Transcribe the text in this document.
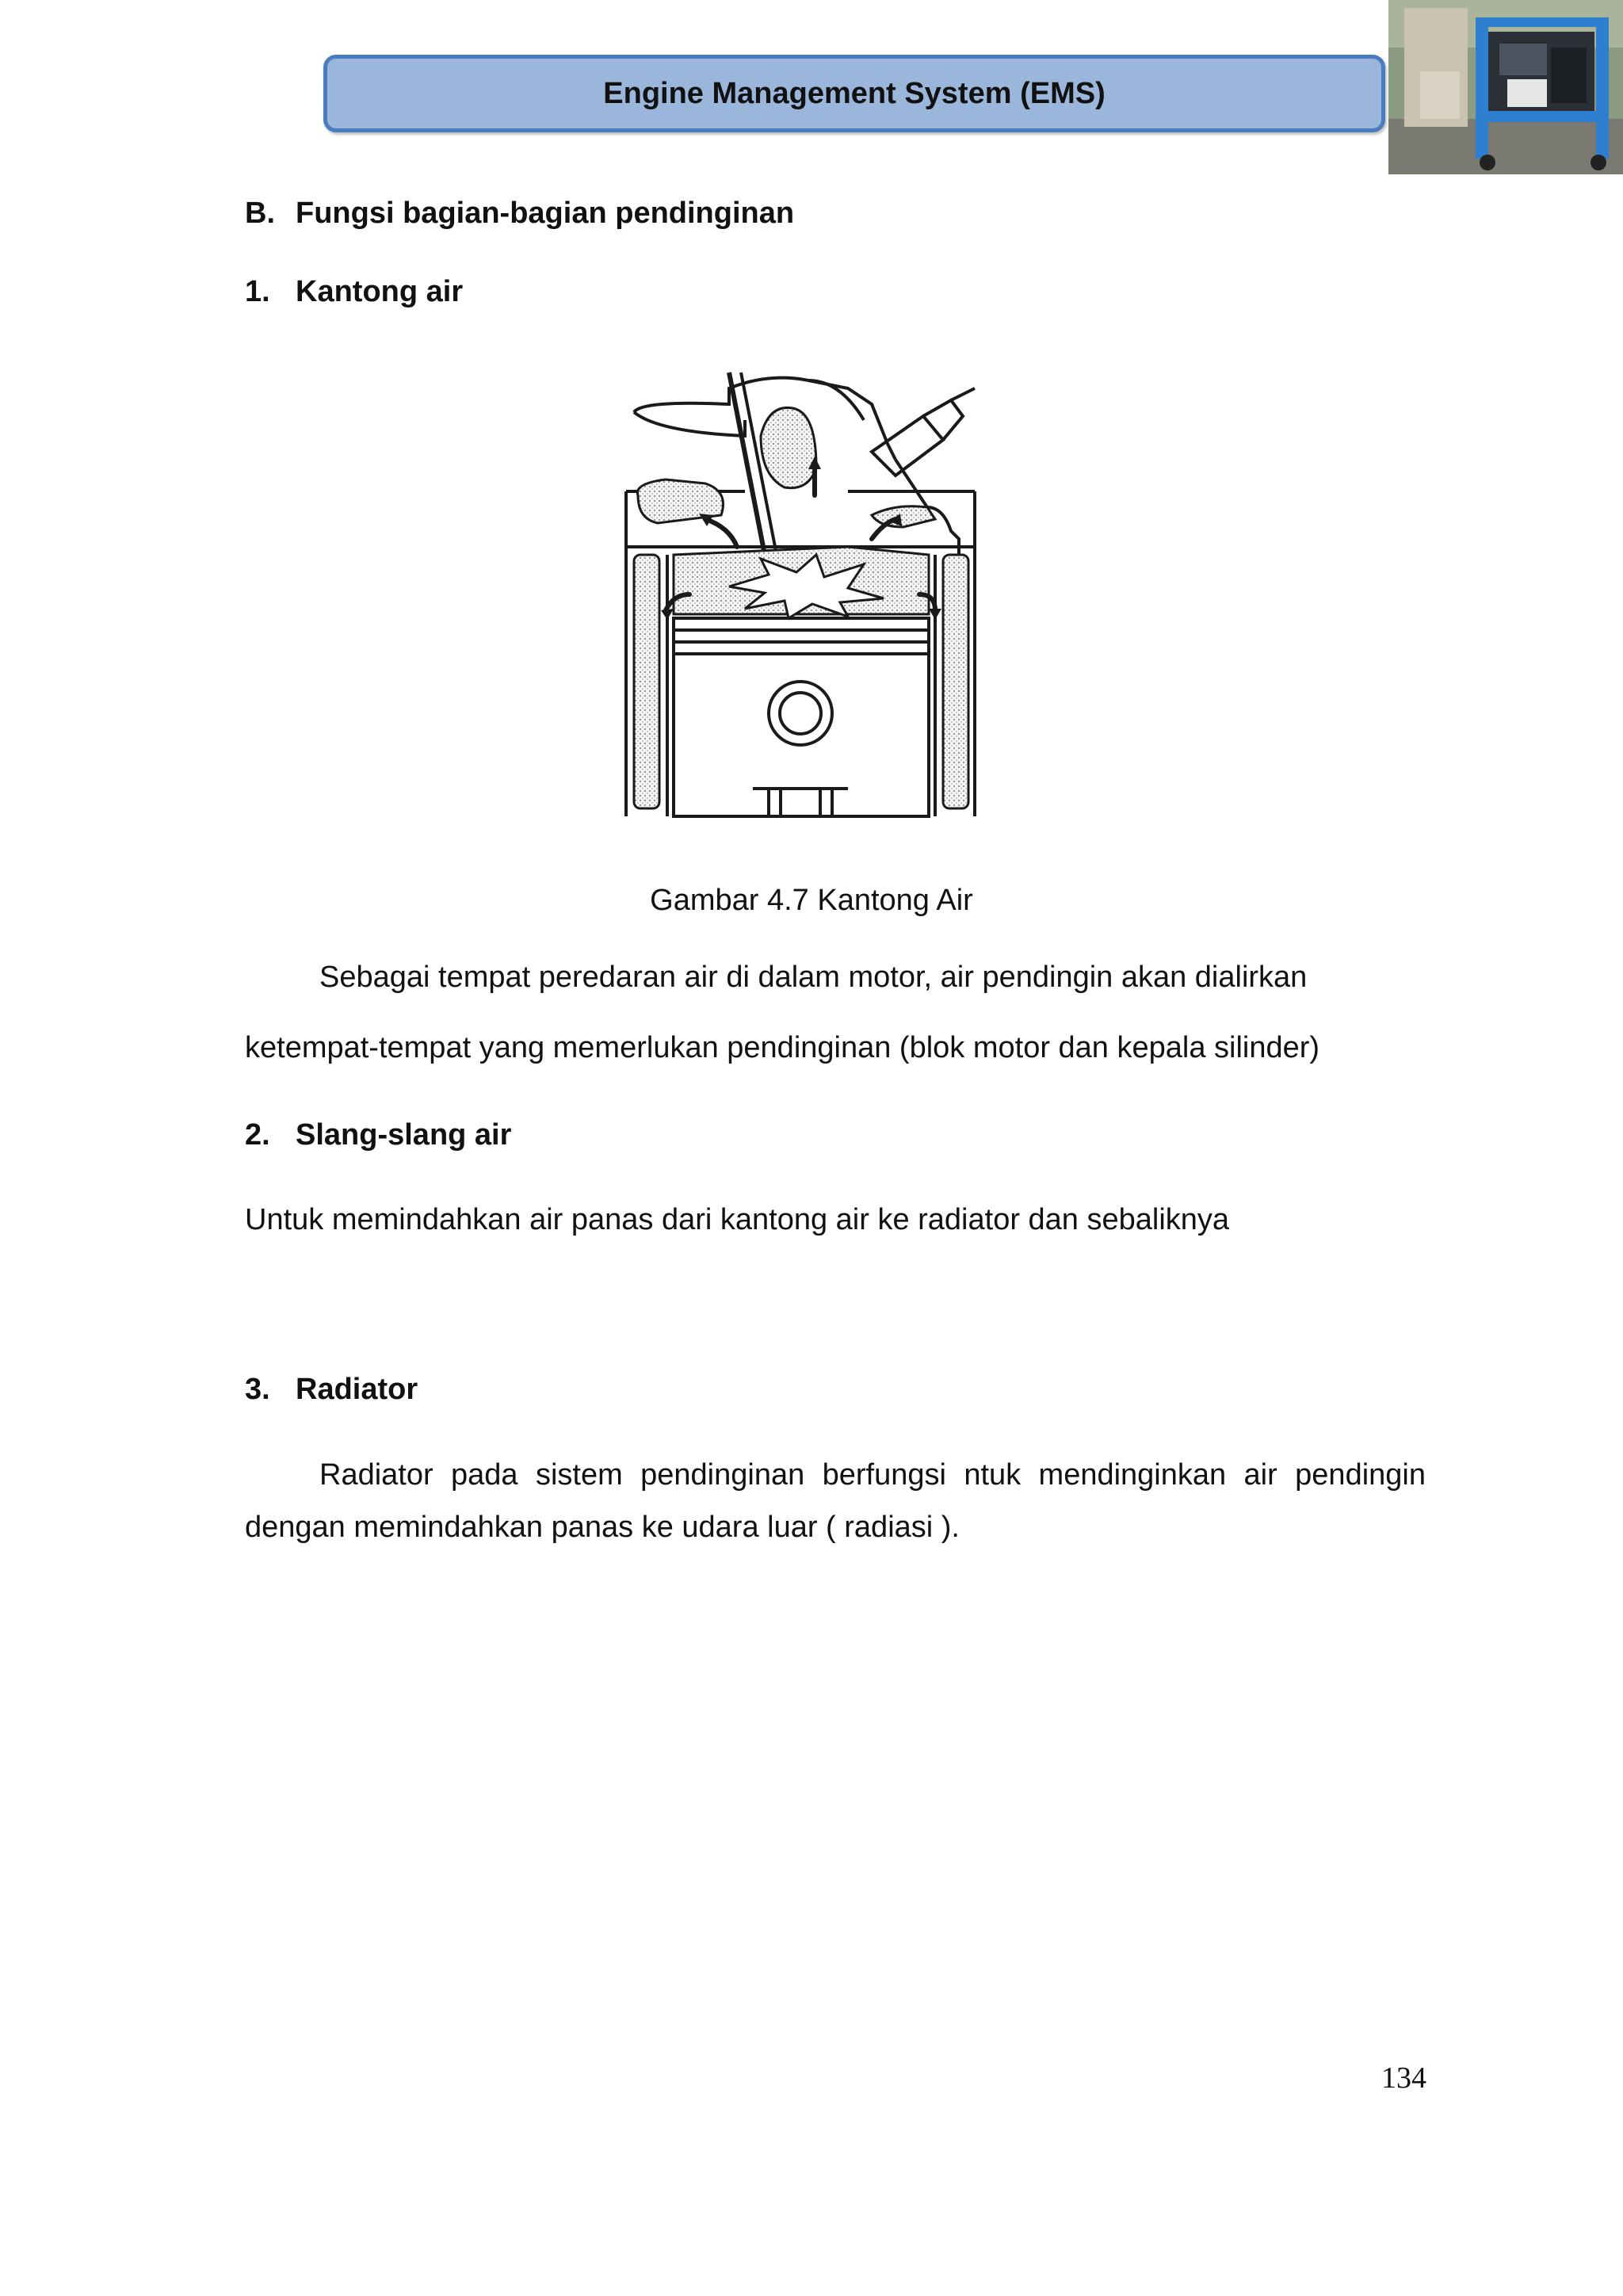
Engine Management System (EMS)

B. Fungsi bagian-bagian pendinginan

1. Kantong air

Gambar 4.7 Kantong Air

Sebagai tempat peredaran air di dalam motor, air pendingin akan dialirkan

ketempat-tempat yang memerlukan pendinginan (blok motor dan kepala silinder)

2. Slang-slang air

Untuk memindahkan air panas dari kantong air ke radiator dan sebaliknya

3. Radiator

Radiator pada sistem pendinginan berfungsi ntuk mendinginkan air pendingin dengan memindahkan panas ke udara luar ( radiasi ).

134
